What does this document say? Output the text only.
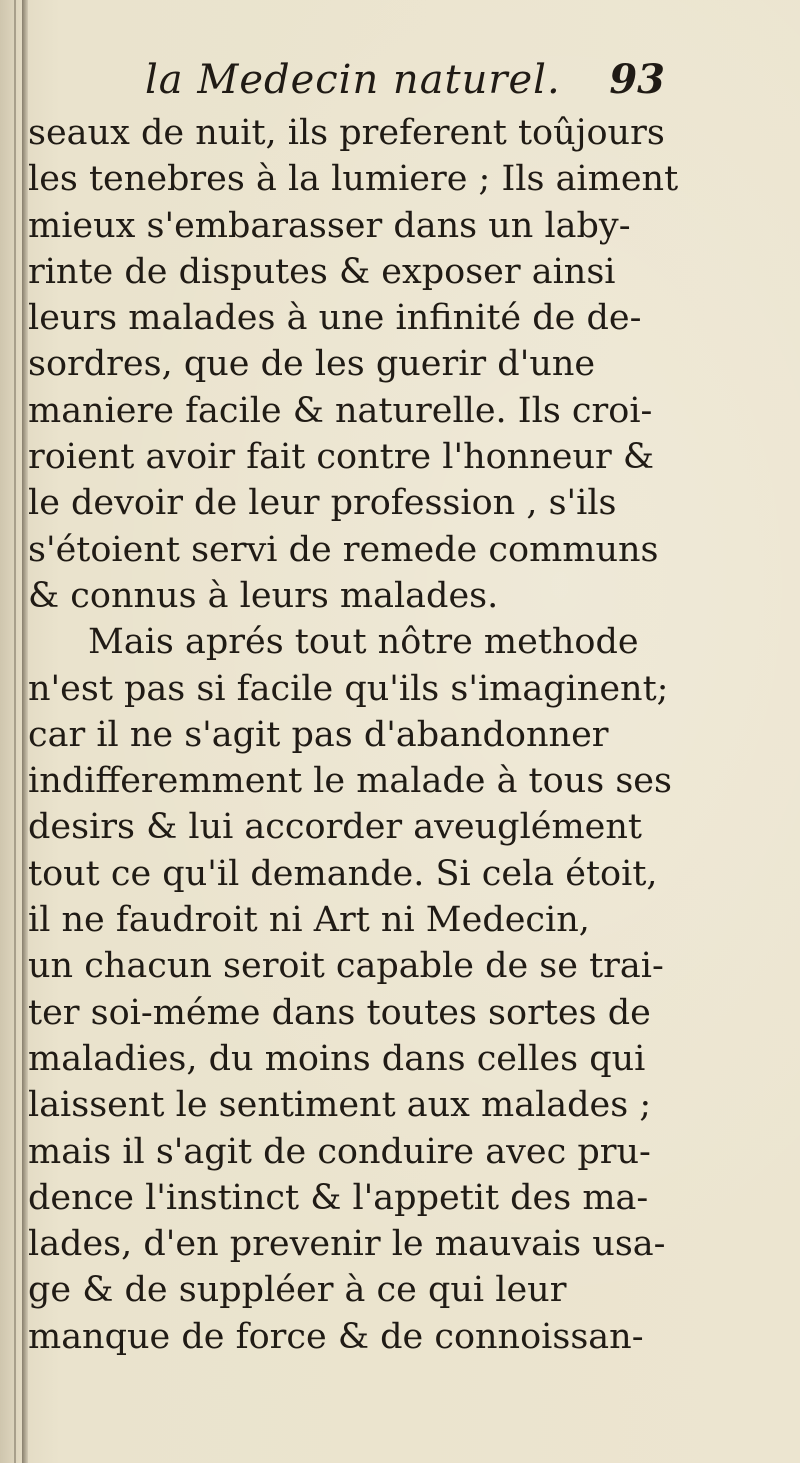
la Medecin naturel. 93
seaux de nuit, ils preferent toûjours
les tenebres à la lumiere ; Ils aiment
mieux s'embarasser dans un laby-
rinte de disputes & exposer ainsi
leurs malades à une infinité de de-
sordres, que de les guerir d'une
maniere facile & naturelle. Ils croi-
roient avoir fait contre l'honneur &
le devoir de leur profession , s'ils
s'étoient servi de remede communs
& connus à leurs malades.
Mais aprés tout nôtre methode
n'est pas si facile qu'ils s'imaginent;
car il ne s'agit pas d'abandonner
indifferemment le malade à tous ses
desirs & lui accorder aveuglément
tout ce qu'il demande. Si cela étoit,
il ne faudroit ni Art ni Medecin,
un chacun seroit capable de se trai-
ter soi-méme dans toutes sortes de
maladies, du moins dans celles qui
laissent le sentiment aux malades ;
mais il s'agit de conduire avec pru-
dence l'instinct & l'appetit des ma-
lades, d'en prevenir le mauvais usa-
ge & de suppléer à ce qui leur
manque de force & de connoissan-
